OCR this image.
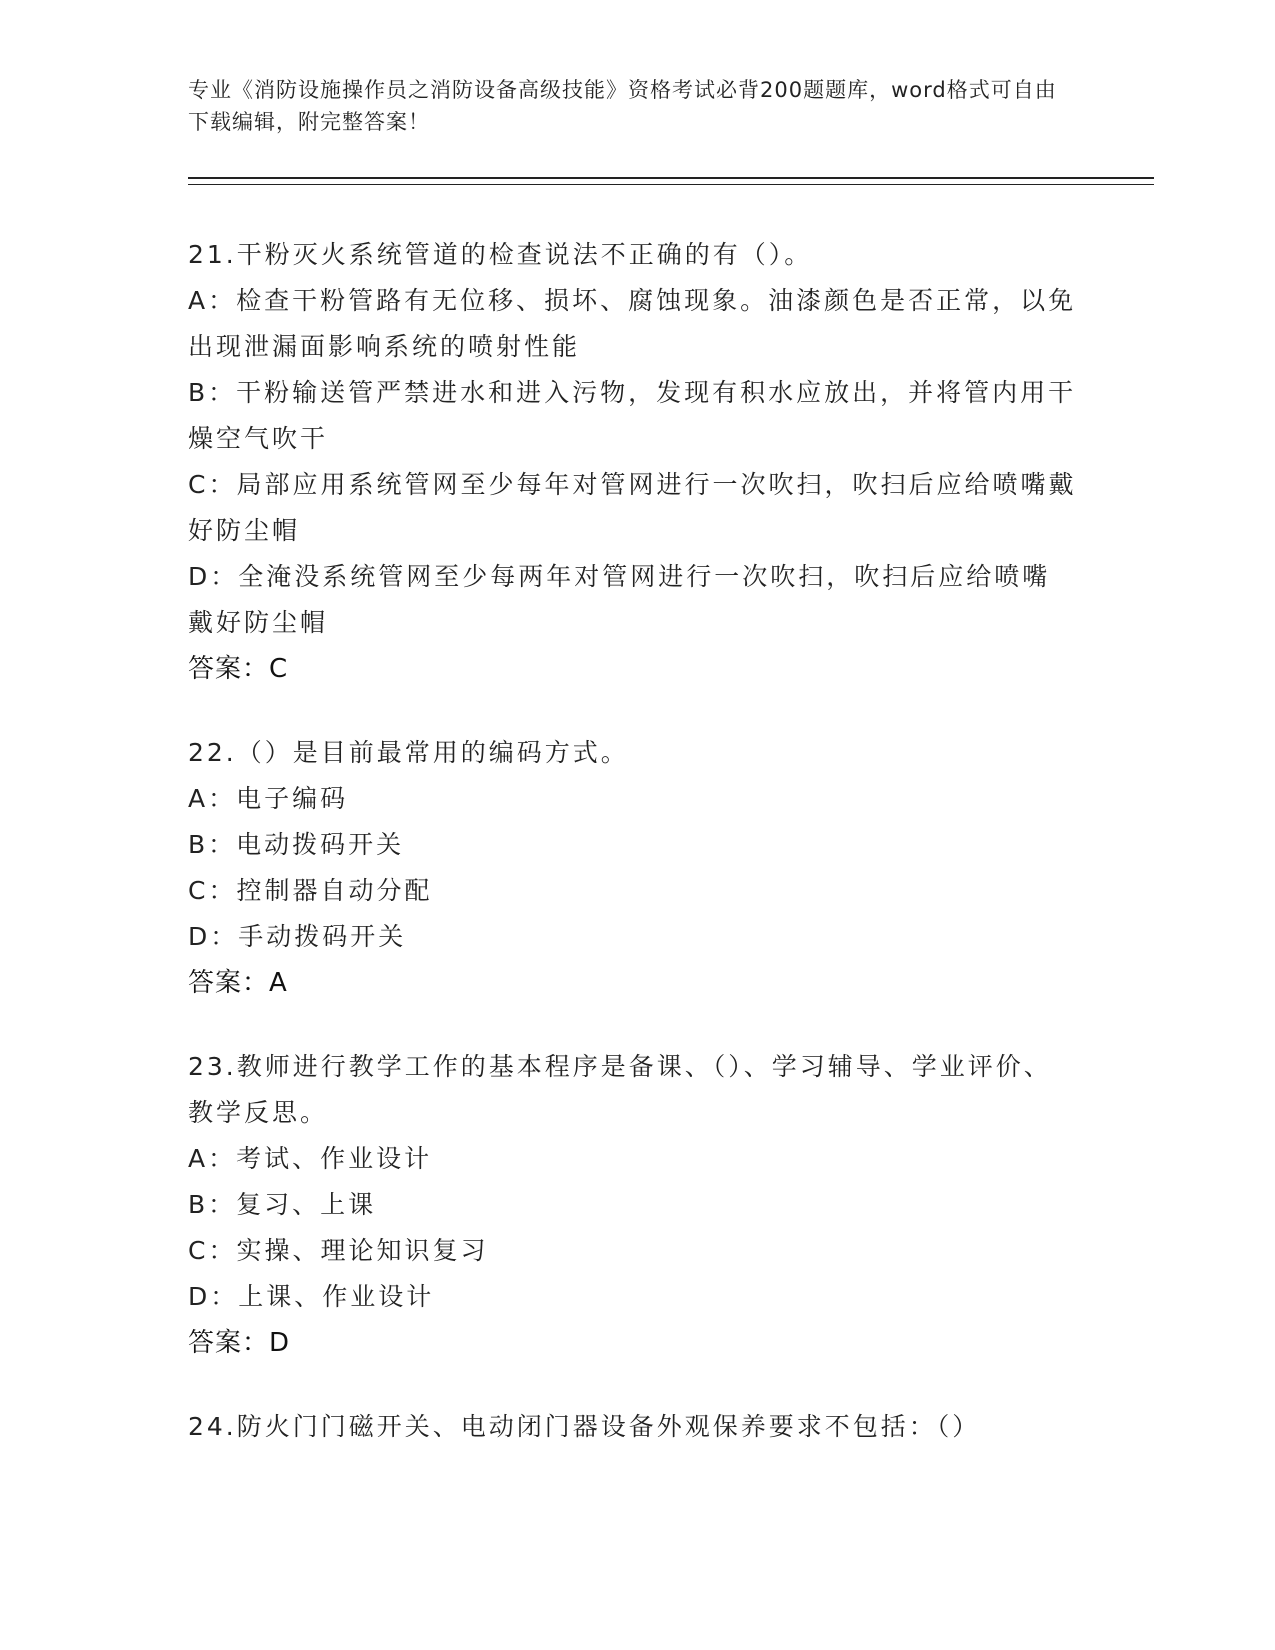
专业《消防设施操作员之消防设备高级技能》资格考试必背200题题库，word格式可自由下载编辑，附完整答案！
21.干粉灭火系统管道的检查说法不正确的有（）。
A：检查干粉管路有无位移、损坏、腐蚀现象。油漆颜色是否正常，以免出现泄漏面影响系统的喷射性能
B：干粉输送管严禁进水和进入污物，发现有积水应放出，并将管内用干燥空气吹干
C：局部应用系统管网至少每年对管网进行一次吹扫，吹扫后应给喷嘴戴好防尘帽
D：全淹没系统管网至少每两年对管网进行一次吹扫，吹扫后应给喷嘴戴好防尘帽
答案：C
22.（）是目前最常用的编码方式。
A：电子编码
B：电动拨码开关
C：控制器自动分配
D：手动拨码开关
答案：A
23.教师进行教学工作的基本程序是备课、（）、学习辅导、学业评价、教学反思。
A：考试、作业设计
B：复习、上课
C：实操、理论知识复习
D：上课、作业设计
答案：D
24.防火门门磁开关、电动闭门器设备外观保养要求不包括：（）
